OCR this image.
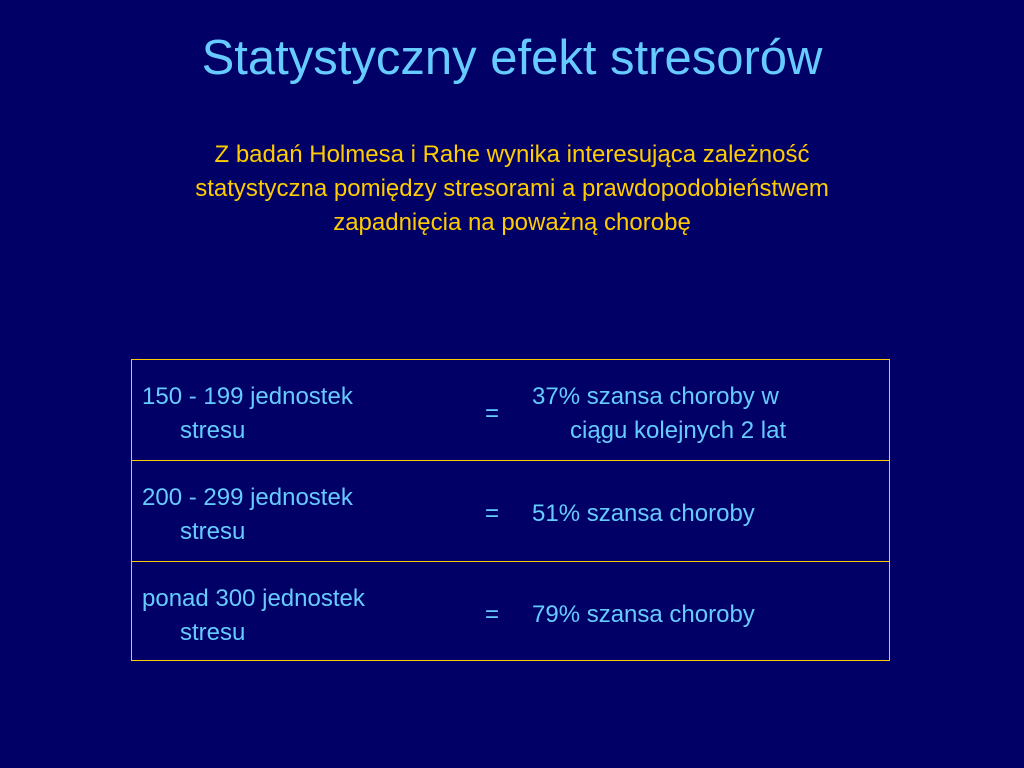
Statystyczny efekt stresorów
Z badań Holmesa i Rahe wynika interesująca zależność
statystyczna pomiędzy stresorami a prawdopodobieństwem
zapadnięcia na poważną chorobę
150 - 199 jednostek
stresu
=
37% szansa choroby w
ciągu kolejnych 2 lat
200 - 299 jednostek
stresu
= 51% szansa choroby
ponad 300 jednostek
stresu
= 79% szansa choroby
